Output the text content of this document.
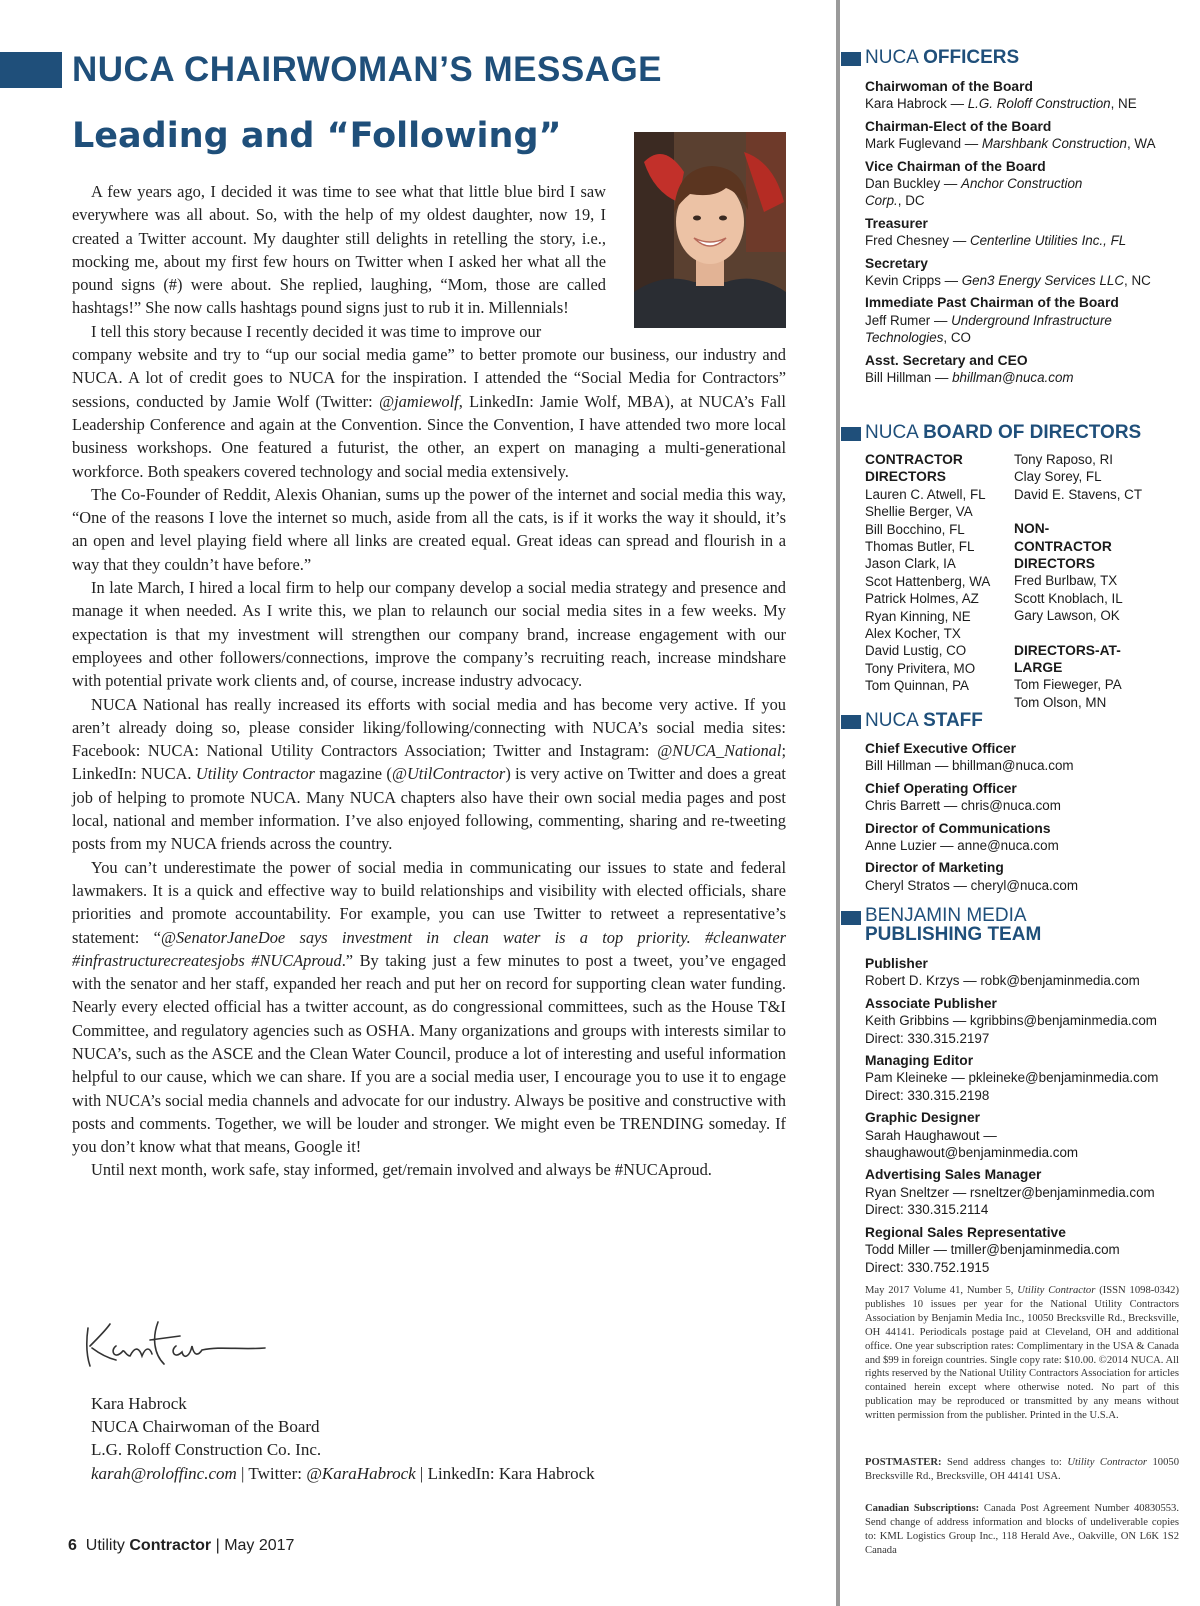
NUCA CHAIRWOMAN’S MESSAGE
Leading and “Following”

A few years ago, I decided it was time to see what that little blue bird I saw everywhere was all about. So, with the help of my oldest daughter, now 19, I created a Twitter account. My daughter still delights in retelling the story, i.e., mocking me, about my first few hours on Twitter when I asked her what all the pound signs (#) were about. She replied, laughing, “Mom, those are called hashtags!” She now calls hashtags pound signs just to rub it in. Millennials!

I tell this story because I recently decided it was time to improve our

company website and try to “up our social media game” to better promote our business, our industry and NUCA. A lot of credit goes to NUCA for the inspiration. I attended the “Social Media for Contractors” sessions, conducted by Jamie Wolf (Twitter: @jamiewolf, LinkedIn: Jamie Wolf, MBA), at NUCA’s Fall Leadership Conference and again at the Convention. Since the Convention, I have attended two more local business workshops. One featured a futurist, the other, an expert on managing a multi-generational workforce. Both speakers covered technology and social media extensively.

The Co-Founder of Reddit, Alexis Ohanian, sums up the power of the internet and social media this way, “One of the reasons I love the internet so much, aside from all the cats, is if it works the way it should, it’s an open and level playing field where all links are created equal. Great ideas can spread and flourish in a way that they couldn’t have before.”

In late March, I hired a local firm to help our company develop a social media strategy and presence and manage it when needed. As I write this, we plan to relaunch our social media sites in a few weeks. My expectation is that my investment will strengthen our company brand, increase engagement with our employees and other followers/connections, improve the company’s recruiting reach, increase mindshare with potential private work clients and, of course, increase industry advocacy.

NUCA National has really increased its efforts with social media and has become very active. If you aren’t already doing so, please consider liking/following/connecting with NUCA’s social media sites: Facebook: NUCA: National Utility Contractors Association; Twitter and Instagram: @NUCA_National; LinkedIn: NUCA. Utility Contractor magazine (@UtilContractor) is very active on Twitter and does a great job of helping to promote NUCA. Many NUCA chapters also have their own social media pages and post local, national and member information. I’ve also enjoyed following, commenting, sharing and re-tweeting posts from my NUCA friends across the country.

You can’t underestimate the power of social media in communicating our issues to state and federal lawmakers. It is a quick and effective way to build relationships and visibility with elected officials, share priorities and promote accountability. For example, you can use Twitter to retweet a representative’s statement: “@SenatorJaneDoe says investment in clean water is a top priority. #cleanwater #infrastructurecreatesjobs #NUCAproud.” By taking just a few minutes to post a tweet, you’ve engaged with the senator and her staff, expanded her reach and put her on record for supporting clean water funding. Nearly every elected official has a twitter account, as do congressional committees, such as the House T&I Committee, and regulatory agencies such as OSHA. Many organizations and groups with interests similar to NUCA’s, such as the ASCE and the Clean Water Council, produce a lot of interesting and useful information helpful to our cause, which we can share. If you are a social media user, I encourage you to use it to engage with NUCA’s social media channels and advocate for our industry. Always be positive and constructive with posts and comments. Together, we will be louder and stronger. We might even be TRENDING someday. If you don’t know what that means, Google it!

Until next month, work safe, stay informed, get/remain involved and always be #NUCAproud.

Kara Habrock
NUCA Chairwoman of the Board
L.G. Roloff Construction Co. Inc.
karah@roloffinc.com | Twitter: @KaraHabrock | LinkedIn: Kara Habrock
6 Utility Contractor | May 2017
NUCA OFFICERS
Chairwoman of the Board
Kara Habrock — L.G. Roloff Construction, NE
Chairman-Elect of the Board
Mark Fuglevand — Marshbank Construction, WA
Vice Chairman of the Board
Dan Buckley — Anchor Construction Corp., DC
Treasurer
Fred Chesney — Centerline Utilities Inc., FL
Secretary
Kevin Cripps — Gen3 Energy Services LLC, NC
Immediate Past Chairman of the Board
Jeff Rumer — Underground Infrastructure Technologies, CO
Asst. Secretary and CEO
Bill Hillman — bhillman@nuca.com
NUCA BOARD OF DIRECTORS
CONTRACTOR DIRECTORS
Lauren C. Atwell, FL
Shellie Berger, VA
Bill Bocchino, FL
Thomas Butler, FL
Jason Clark, IA
Scot Hattenberg, WA
Patrick Holmes, AZ
Ryan Kinning, NE
Alex Kocher, TX
David Lustig, CO
Tony Privitera, MO
Tom Quinnan, PA
Tony Raposo, RI
Clay Sorey, FL
David E. Stavens, CT
NON-CONTRACTOR DIRECTORS
Fred Burlbaw, TX
Scott Knoblach, IL
Gary Lawson, OK
DIRECTORS-AT-LARGE
Tom Fieweger, PA
Tom Olson, MN
NUCA STAFF
Chief Executive Officer
Bill Hillman — bhillman@nuca.com
Chief Operating Officer
Chris Barrett — chris@nuca.com
Director of Communications
Anne Luzier — anne@nuca.com
Director of Marketing
Cheryl Stratos — cheryl@nuca.com
BENJAMIN MEDIA
PUBLISHING TEAM
Publisher
Robert D. Krzys — robk@benjaminmedia.com
Associate Publisher
Keith Gribbins — kgribbins@benjaminmedia.com
Direct: 330.315.2197
Managing Editor
Pam Kleineke — pkleineke@benjaminmedia.com
Direct: 330.315.2198
Graphic Designer
Sarah Haughawout —
shaughawout@benjaminmedia.com
Advertising Sales Manager
Ryan Sneltzer — rsneltzer@benjaminmedia.com
Direct: 330.315.2114
Regional Sales Representative
Todd Miller — tmiller@benjaminmedia.com
Direct: 330.752.1915
May 2017 Volume 41, Number 5, Utility Contractor (ISSN 1098-0342) publishes 10 issues per year for the National Utility Contractors Association by Benjamin Media Inc., 10050 Brecksville Rd., Brecksville, OH 44141. Periodicals postage paid at Cleveland, OH and additional office. One year subscription rates: Complimentary in the USA & Canada and $99 in foreign countries. Single copy rate: $10.00. ©2014 NUCA. All rights reserved by the National Utility Contractors Association for articles contained herein except where otherwise noted. No part of this publication may be reproduced or transmitted by any means without written permission from the publisher. Printed in the U.S.A.
POSTMASTER: Send address changes to: Utility Contractor 10050 Brecksville Rd., Brecksville, OH 44141 USA.
Canadian Subscriptions: Canada Post Agreement Number 40830553. Send change of address information and blocks of undeliverable copies to: KML Logistics Group Inc., 118 Herald Ave., Oakville, ON L6K 1S2 Canada
